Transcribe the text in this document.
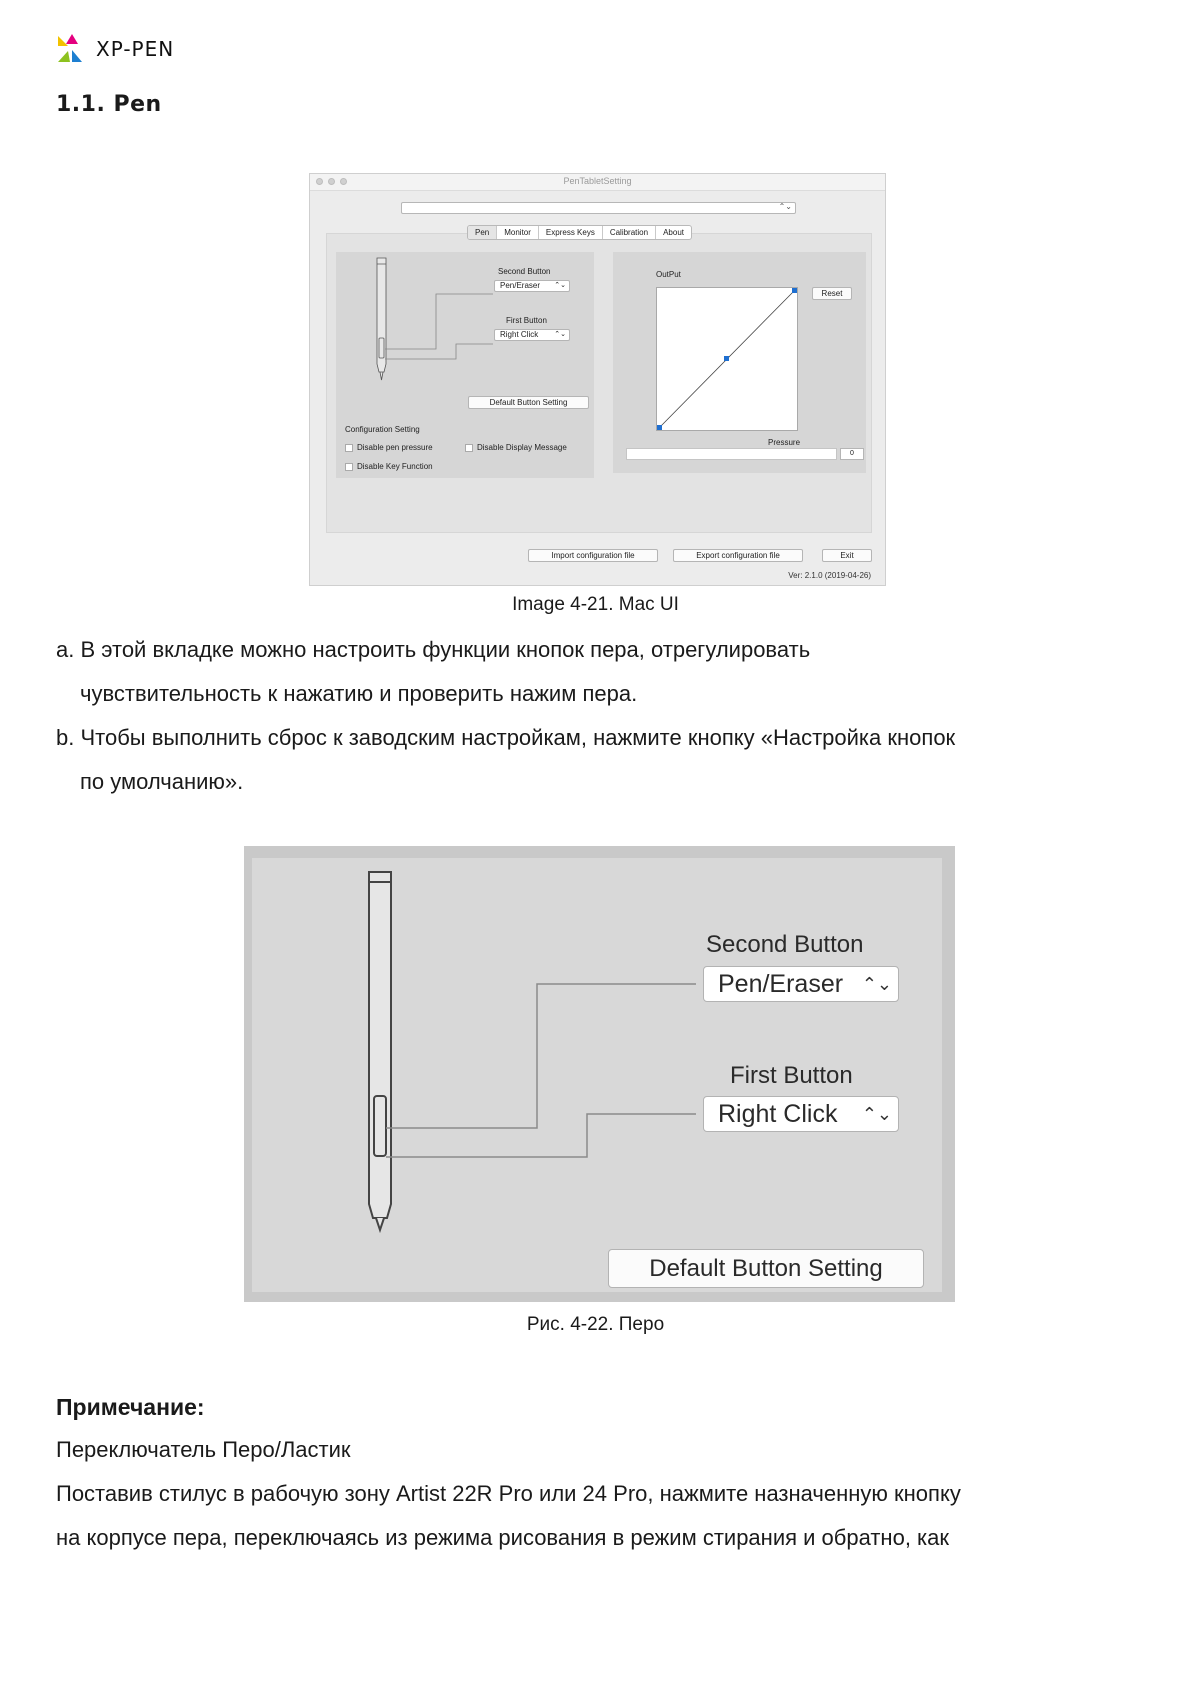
XP-PEN
1.1. Pen
PenTabletSetting
⌃⌄
Pen	Monitor	Express Keys	Calibration	About
Second Button
Pen/Eraser ⌃⌄
First Button
Right Click ⌃⌄
Default Button Setting
Configuration Setting
Disable pen pressure	Disable Display Message
Disable Key Function
OutPut
Reset
Pressure
0
Import configuration file	Export configuration file	Exit
Ver: 2.1.0 (2019-04-26)
Image 4-21. Mac UI
a. В этой вкладке можно настроить функции кнопок пера, отрегулировать
чувствительность к нажатию и проверить нажим пера.
b. Чтобы выполнить сброс к заводским настройкам, нажмите кнопку «Настройка кнопок
по умолчанию».
Second Button
Pen/Eraser ⌃⌄
First Button
Right Click ⌃⌄
Default Button Setting
Рис. 4-22. Перо
Примечание:
Переключатель Перо/Ластик
Поставив стилус в рабочую зону Artist 22R Pro или 24 Pro, нажмите назначенную кнопку
на корпусе пера, переключаясь из режима рисования в режим стирания и обратно, как
